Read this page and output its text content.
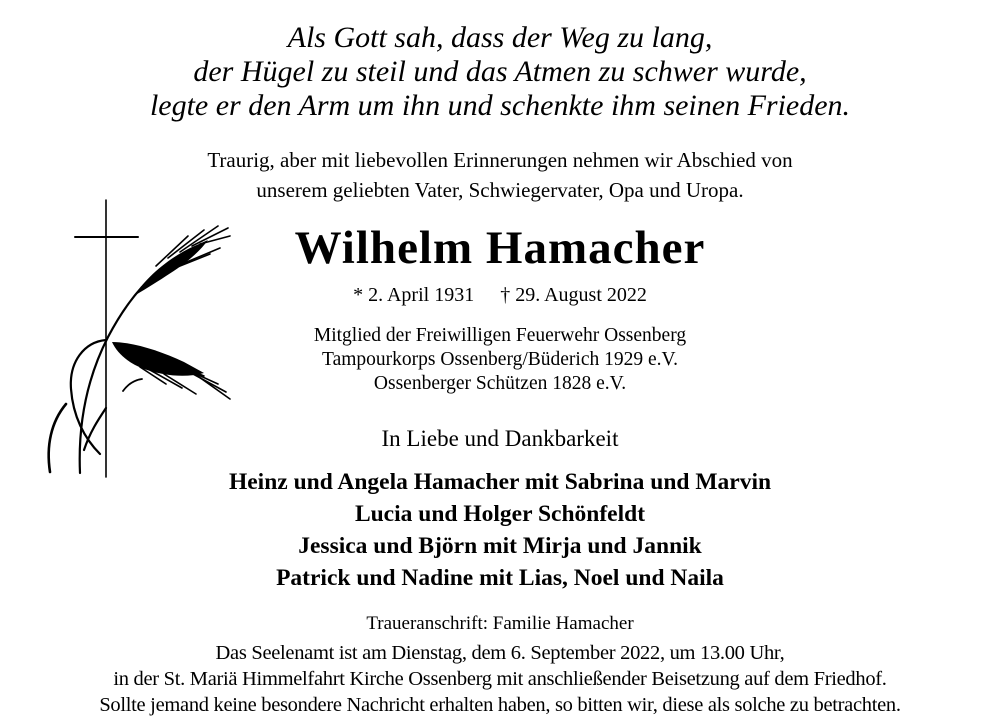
Als Gott sah, dass der Weg zu lang,
der Hügel zu steil und das Atmen zu schwer wurde,
legte er den Arm um ihn und schenkte ihm seinen Frieden.
Traurig, aber mit liebevollen Erinnerungen nehmen wir Abschied von
unserem geliebten Vater, Schwiegervater, Opa und Uropa.
Wilhelm Hamacher
* 2. April 1931 † 29. August 2022
Mitglied der Freiwilligen Feuerwehr Ossenberg
Tampourkorps Ossenberg/Büderich 1929 e.V.
Ossenberger Schützen 1828 e.V.
In Liebe und Dankbarkeit
Heinz und Angela Hamacher mit Sabrina und Marvin
Lucia und Holger Schönfeldt
Jessica und Björn mit Mirja und Jannik
Patrick und Nadine mit Lias, Noel und Naila
Traueranschrift: Familie Hamacher
Das Seelenamt ist am Dienstag, dem 6. September 2022, um 13.00 Uhr,
in der St. Mariä Himmelfahrt Kirche Ossenberg mit anschließender Beisetzung auf dem Friedhof.
Sollte jemand keine besondere Nachricht erhalten haben, so bitten wir, diese als solche zu betrachten.
